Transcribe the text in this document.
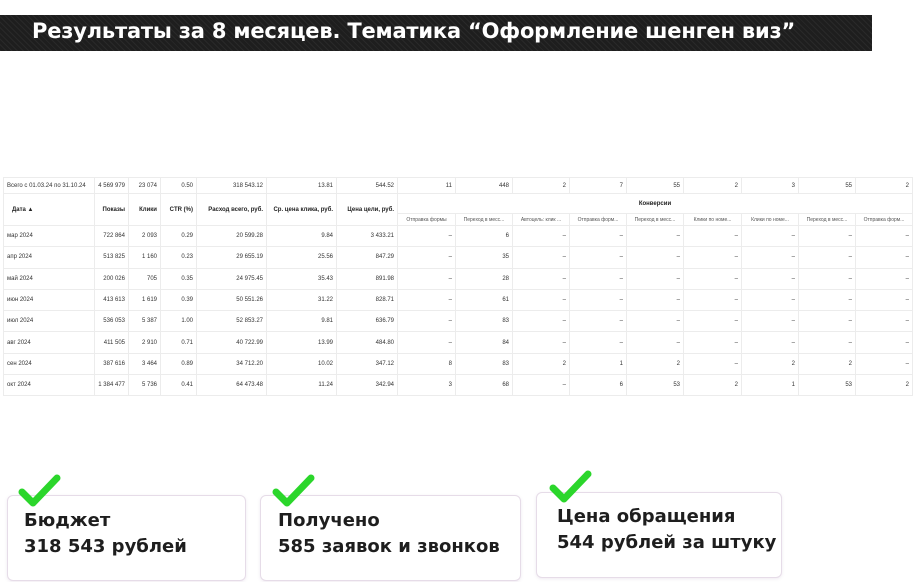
Результаты за 8 месяцев. Тематика “Оформление шенген виз”
Всего с 01.03.24 по 31.10.24	4 569 979	23 074	0.50	318 543.12	13.81	544.52	11	448	2	7	55	2	3	55	2
Дата ▲	Показы	Клики	CTR (%)	Расход всего, руб.	Ср. цена клика, руб.	Цена цели, руб.	Конверсии								
							Отправка формы	Переход в месс...	Автоцель: клик ...	Отправка форм...	Переход в месс...	Клики по номе...	Клики по номе...	Переход в месс...	Отправка форм...
мар 2024	722 864	2 093	0.29	20 599.28	9.84	3 433.21	–	6	–	–	–	–	–	–	–
апр 2024	513 825	1 160	0.23	29 655.19	25.56	847.29	–	35	–	–	–	–	–	–	–
май 2024	200 026	705	0.35	24 975.45	35.43	891.98	–	28	–	–	–	–	–	–	–
июн 2024	413 613	1 619	0.39	50 551.26	31.22	828.71	–	61	–	–	–	–	–	–	–
июл 2024	536 053	5 387	1.00	52 853.27	9.81	636.79	–	83	–	–	–	–	–	–	–
авг 2024	411 505	2 910	0.71	40 722.99	13.99	484.80	–	84	–	–	–	–	–	–	–
сен 2024	387 616	3 464	0.89	34 712.20	10.02	347.12	8	83	2	1	2	–	2	2	–
окт 2024	1 384 477	5 736	0.41	64 473.48	11.24	342.94	3	68	–	6	53	2	1	53	2
Бюджет
318 543 рублей
Получено
585 заявок и звонков
Цена обращения
544 рублей за штуку
